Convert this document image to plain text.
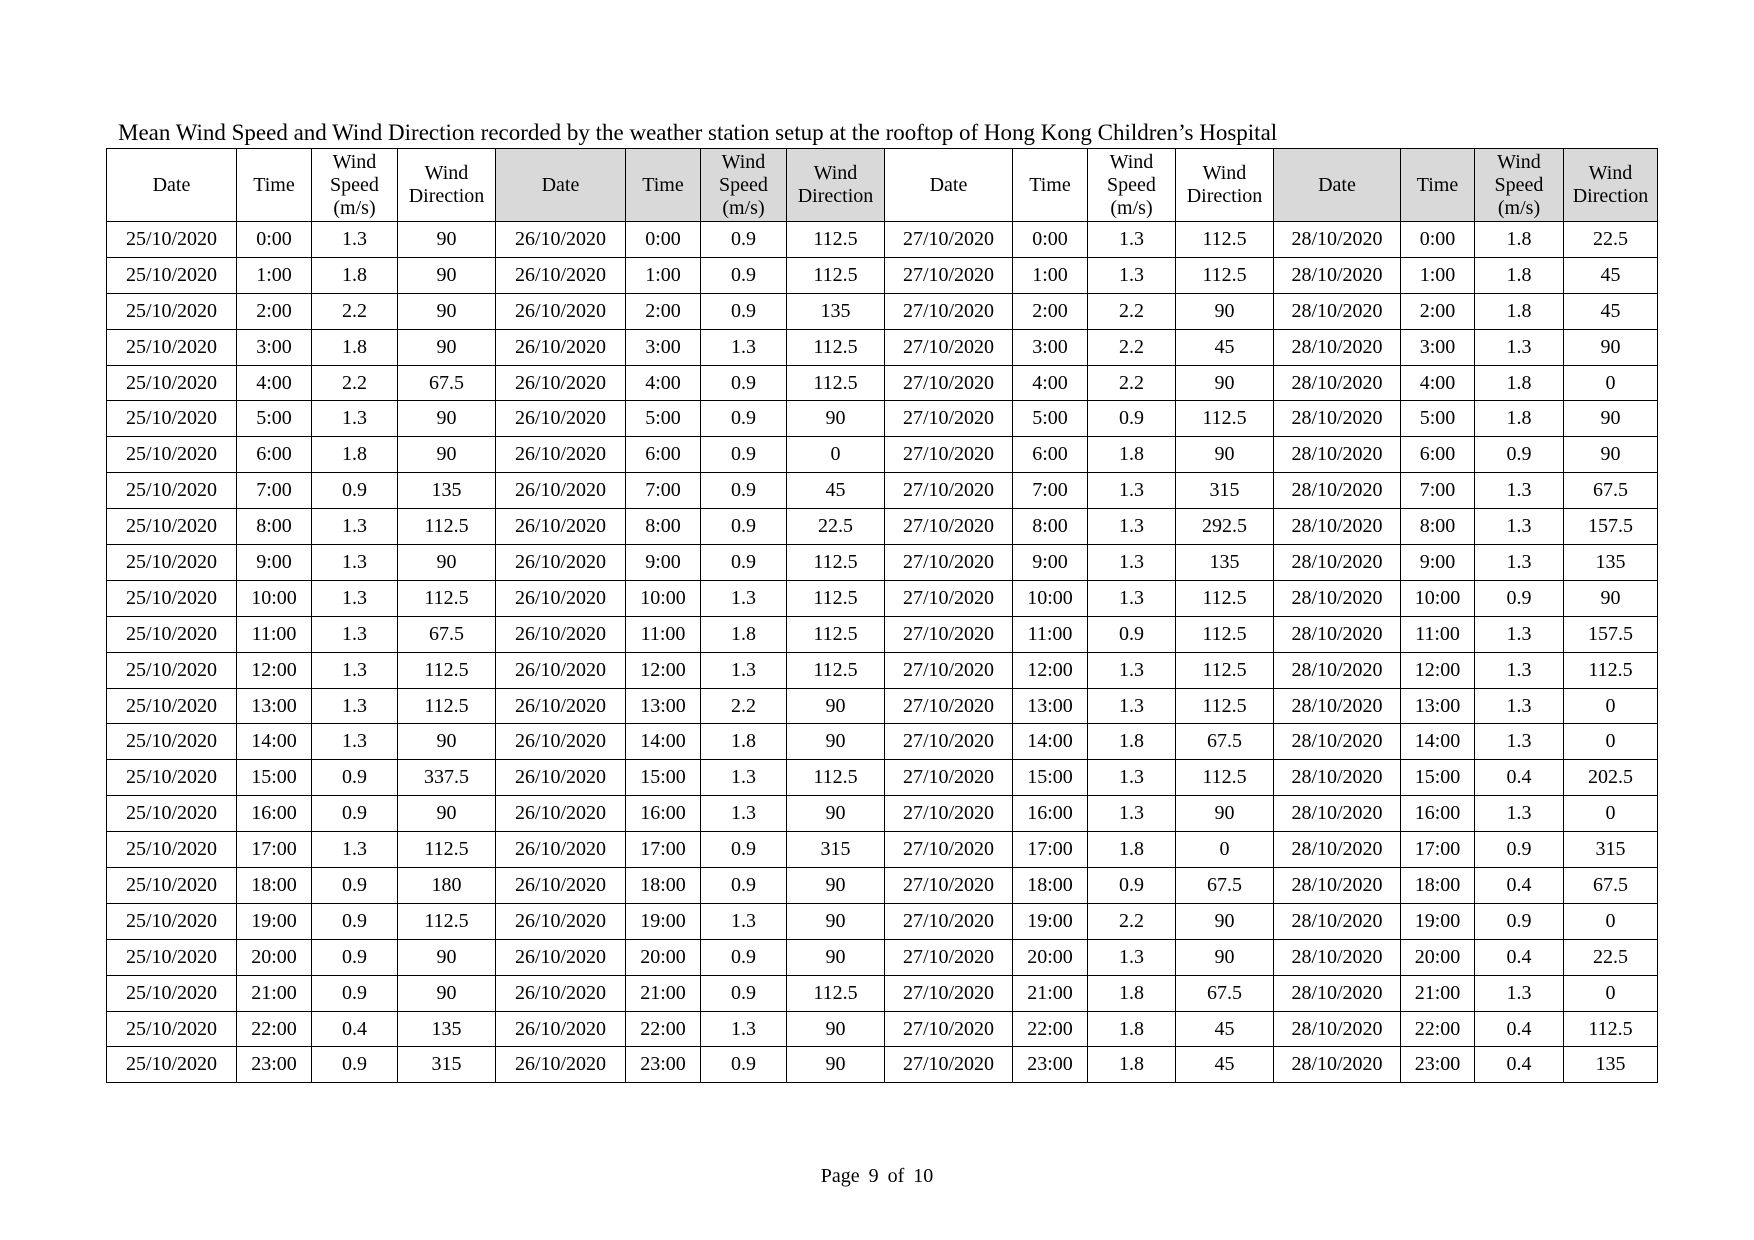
Mean Wind Speed and Wind Direction recorded by the weather station setup at the rooftop of Hong Kong Children’s Hospital
Date	Time	Wind Speed (m/s)	Wind Direction	Date	Time	Wind Speed (m/s)	Wind Direction	Date	Time	Wind Speed (m/s)	Wind Direction	Date	Time	Wind Speed (m/s)	Wind Direction
25/10/2020	0:00	1.3	90	26/10/2020	0:00	0.9	112.5	27/10/2020	0:00	1.3	112.5	28/10/2020	0:00	1.8	22.5
25/10/2020	1:00	1.8	90	26/10/2020	1:00	0.9	112.5	27/10/2020	1:00	1.3	112.5	28/10/2020	1:00	1.8	45
25/10/2020	2:00	2.2	90	26/10/2020	2:00	0.9	135	27/10/2020	2:00	2.2	90	28/10/2020	2:00	1.8	45
25/10/2020	3:00	1.8	90	26/10/2020	3:00	1.3	112.5	27/10/2020	3:00	2.2	45	28/10/2020	3:00	1.3	90
25/10/2020	4:00	2.2	67.5	26/10/2020	4:00	0.9	112.5	27/10/2020	4:00	2.2	90	28/10/2020	4:00	1.8	0
25/10/2020	5:00	1.3	90	26/10/2020	5:00	0.9	90	27/10/2020	5:00	0.9	112.5	28/10/2020	5:00	1.8	90
25/10/2020	6:00	1.8	90	26/10/2020	6:00	0.9	0	27/10/2020	6:00	1.8	90	28/10/2020	6:00	0.9	90
25/10/2020	7:00	0.9	135	26/10/2020	7:00	0.9	45	27/10/2020	7:00	1.3	315	28/10/2020	7:00	1.3	67.5
25/10/2020	8:00	1.3	112.5	26/10/2020	8:00	0.9	22.5	27/10/2020	8:00	1.3	292.5	28/10/2020	8:00	1.3	157.5
25/10/2020	9:00	1.3	90	26/10/2020	9:00	0.9	112.5	27/10/2020	9:00	1.3	135	28/10/2020	9:00	1.3	135
25/10/2020	10:00	1.3	112.5	26/10/2020	10:00	1.3	112.5	27/10/2020	10:00	1.3	112.5	28/10/2020	10:00	0.9	90
25/10/2020	11:00	1.3	67.5	26/10/2020	11:00	1.8	112.5	27/10/2020	11:00	0.9	112.5	28/10/2020	11:00	1.3	157.5
25/10/2020	12:00	1.3	112.5	26/10/2020	12:00	1.3	112.5	27/10/2020	12:00	1.3	112.5	28/10/2020	12:00	1.3	112.5
25/10/2020	13:00	1.3	112.5	26/10/2020	13:00	2.2	90	27/10/2020	13:00	1.3	112.5	28/10/2020	13:00	1.3	0
25/10/2020	14:00	1.3	90	26/10/2020	14:00	1.8	90	27/10/2020	14:00	1.8	67.5	28/10/2020	14:00	1.3	0
25/10/2020	15:00	0.9	337.5	26/10/2020	15:00	1.3	112.5	27/10/2020	15:00	1.3	112.5	28/10/2020	15:00	0.4	202.5
25/10/2020	16:00	0.9	90	26/10/2020	16:00	1.3	90	27/10/2020	16:00	1.3	90	28/10/2020	16:00	1.3	0
25/10/2020	17:00	1.3	112.5	26/10/2020	17:00	0.9	315	27/10/2020	17:00	1.8	0	28/10/2020	17:00	0.9	315
25/10/2020	18:00	0.9	180	26/10/2020	18:00	0.9	90	27/10/2020	18:00	0.9	67.5	28/10/2020	18:00	0.4	67.5
25/10/2020	19:00	0.9	112.5	26/10/2020	19:00	1.3	90	27/10/2020	19:00	2.2	90	28/10/2020	19:00	0.9	0
25/10/2020	20:00	0.9	90	26/10/2020	20:00	0.9	90	27/10/2020	20:00	1.3	90	28/10/2020	20:00	0.4	22.5
25/10/2020	21:00	0.9	90	26/10/2020	21:00	0.9	112.5	27/10/2020	21:00	1.8	67.5	28/10/2020	21:00	1.3	0
25/10/2020	22:00	0.4	135	26/10/2020	22:00	1.3	90	27/10/2020	22:00	1.8	45	28/10/2020	22:00	0.4	112.5
25/10/2020	23:00	0.9	315	26/10/2020	23:00	0.9	90	27/10/2020	23:00	1.8	45	28/10/2020	23:00	0.4	135
Page 9 of 10
